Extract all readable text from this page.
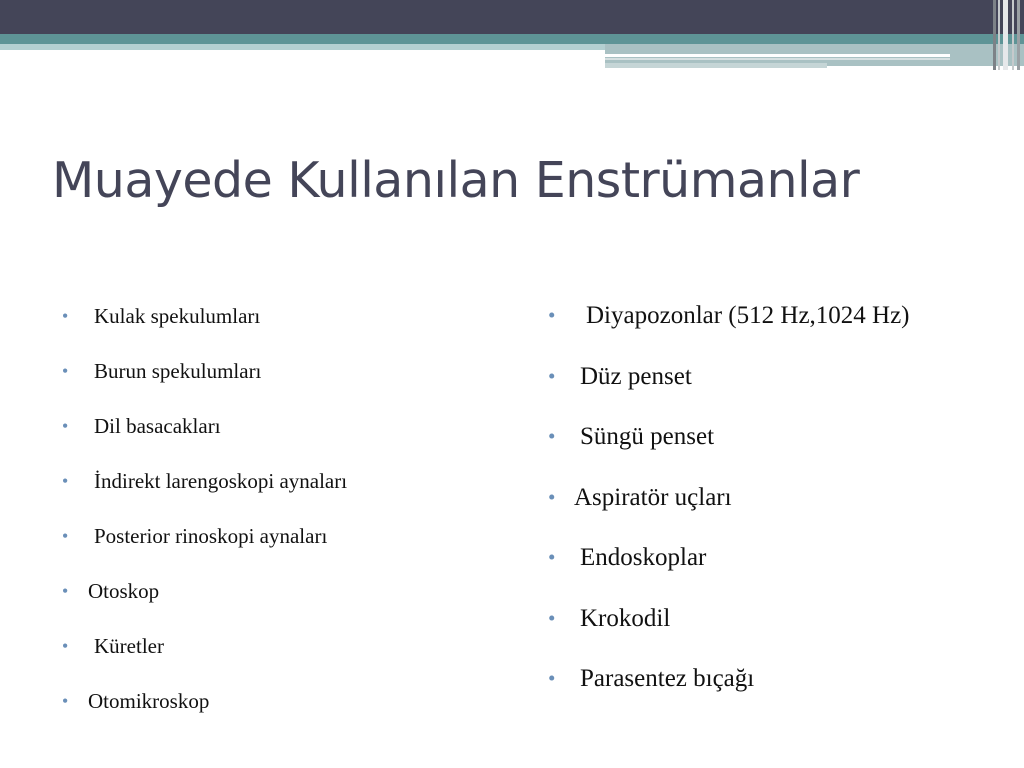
Muayede Kullanılan Enstrümanlar
• Kulak spekulumları
• Burun spekulumları
• Dil basacakları
• İndirekt larengoskopi aynaları
• Posterior rinoskopi aynaları
• Otoskop
• Küretler
• Otomikroskop
• Diyapozonlar (512 Hz,1024 Hz)
• Düz penset
• Süngü penset
• Aspiratör uçları
• Endoskoplar
• Krokodil
• Parasentez bıçağı
